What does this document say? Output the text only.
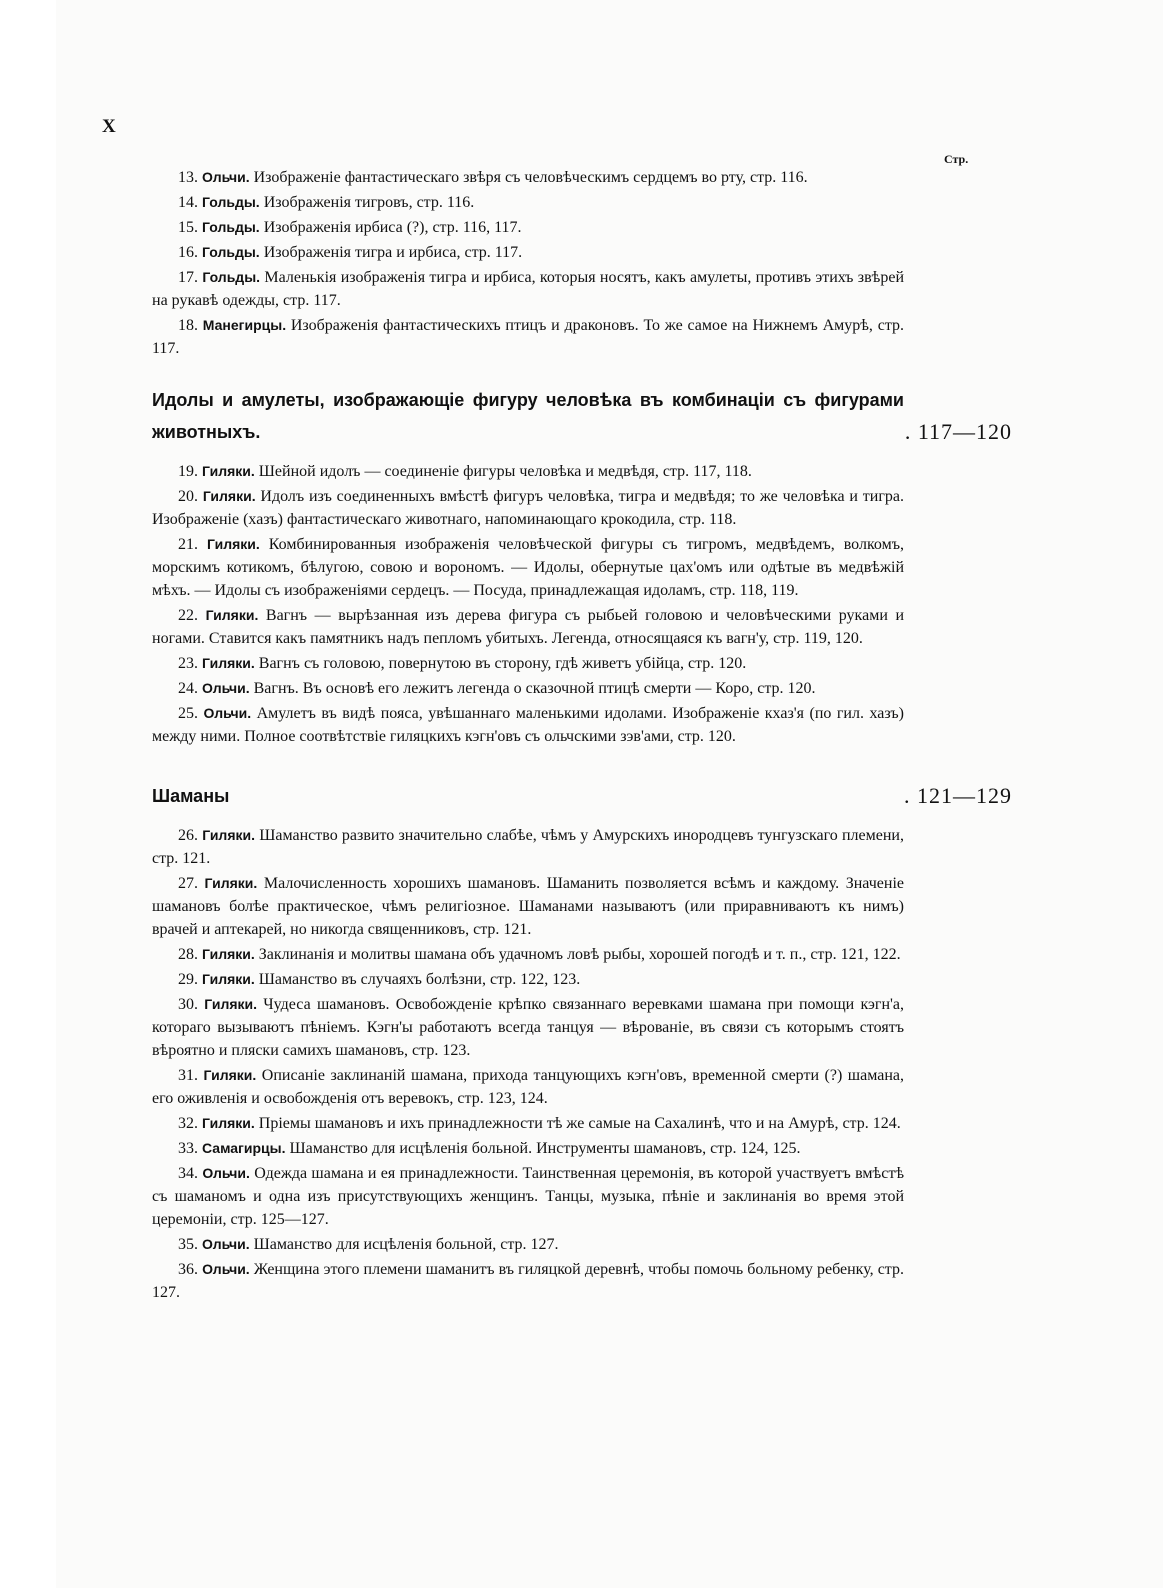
X
Стр.

13. Ольчи. Изображеніе фантастическаго звѣря съ человѣческимъ сердцемъ во рту, стр. 116.

14. Гольды. Изображенія тигровъ, стр. 116.

15. Гольды. Изображенія ирбиса (?), стр. 116, 117.

16. Гольды. Изображенія тигра и ирбиса, стр. 117.

17. Гольды. Маленькія изображенія тигра и ирбиса, которыя носятъ, какъ амулеты, противъ этихъ звѣрей на рукавѣ одежды, стр. 117.

18. Манегирцы. Изображенія фантастическихъ птицъ и драконовъ. То же самое на Нижнемъ Амурѣ, стр. 117.

Идолы и амулеты, изображающіе фигуру человѣка въ комбинаціи съ фигурами животныхъ.	. 117—120

19. Гиляки. Шейной идолъ — соединеніе фигуры человѣка и медвѣдя, стр. 117, 118.

20. Гиляки. Идолъ изъ соединенныхъ вмѣстѣ фигуръ человѣка, тигра и медвѣдя; то же человѣка и тигра. Изображеніе (хазъ) фантастическаго животнаго, напоминающаго крокодила, стр. 118.

21. Гиляки. Комбинированныя изображенія человѣческой фигуры съ тигромъ, медвѣдемъ, волкомъ, морскимъ котикомъ, бѣлугою, совою и ворономъ. — Идолы, обернутые цах'омъ или одѣтые въ медвѣжій мѣхъ. — Идолы съ изображеніями сердецъ. — Посуда, принадлежащая идоламъ, стр. 118, 119.

22. Гиляки. Вагнъ — вырѣзанная изъ дерева фигура съ рыбьей головою и человѣческими руками и ногами. Ставится какъ памятникъ надъ пепломъ убитыхъ. Легенда, относящаяся къ вагн'у, стр. 119, 120.

23. Гиляки. Вагнъ съ головою, повернутою въ сторону, гдѣ живетъ убійца, стр. 120.

24. Ольчи. Вагнъ. Въ основѣ его лежитъ легенда о сказочной птицѣ смерти — Коро, стр. 120.

25. Ольчи. Амулетъ въ видѣ пояса, увѣшаннаго маленькими идолами. Изображеніе кхаз'я (по гил. хазъ) между ними. Полное соотвѣтствіе гиляцкихъ кэгн'овъ съ ольчскими зэв'ами, стр. 120.

Шаманы	. 121—129

26. Гиляки. Шаманство развито значительно слабѣе, чѣмъ у Амурскихъ инородцевъ тунгузскаго племени, стр. 121.

27. Гиляки. Малочисленность хорошихъ шамановъ. Шаманить позволяется всѣмъ и каждому. Значеніе шамановъ болѣе практическое, чѣмъ религіозное. Шаманами называютъ (или приравниваютъ къ нимъ) врачей и аптекарей, но никогда священниковъ, стр. 121.

28. Гиляки. Заклинанія и молитвы шамана объ удачномъ ловѣ рыбы, хорошей погодѣ и т. п., стр. 121, 122.

29. Гиляки. Шаманство въ случаяхъ болѣзни, стр. 122, 123.

30. Гиляки. Чудеса шамановъ. Освобожденіе крѣпко связаннаго веревками шамана при помощи кэгн'а, котораго вызываютъ пѣніемъ. Кэгн'ы работаютъ всегда танцуя — вѣрованіе, въ связи съ которымъ стоятъ вѣроятно и пляски самихъ шамановъ, стр. 123.

31. Гиляки. Описаніе заклинаній шамана, прихода танцующихъ кэгн'овъ, временной смерти (?) шамана, его оживленія и освобожденія отъ веревокъ, стр. 123, 124.

32. Гиляки. Пріемы шамановъ и ихъ принадлежности тѣ же самые на Сахалинѣ, что и на Амурѣ, стр. 124.

33. Самагирцы. Шаманство для исцѣленія больной. Инструменты шамановъ, стр. 124, 125.

34. Ольчи. Одежда шамана и ея принадлежности. Таинственная церемонія, въ которой участвуетъ вмѣстѣ съ шаманомъ и одна изъ присутствующихъ женщинъ. Танцы, музыка, пѣніе и заклинанія во время этой церемоніи, стр. 125—127.

35. Ольчи. Шаманство для исцѣленія больной, стр. 127.

36. Ольчи. Женщина этого племени шаманитъ въ гиляцкой деревнѣ, чтобы помочь больному ребенку, стр. 127.
